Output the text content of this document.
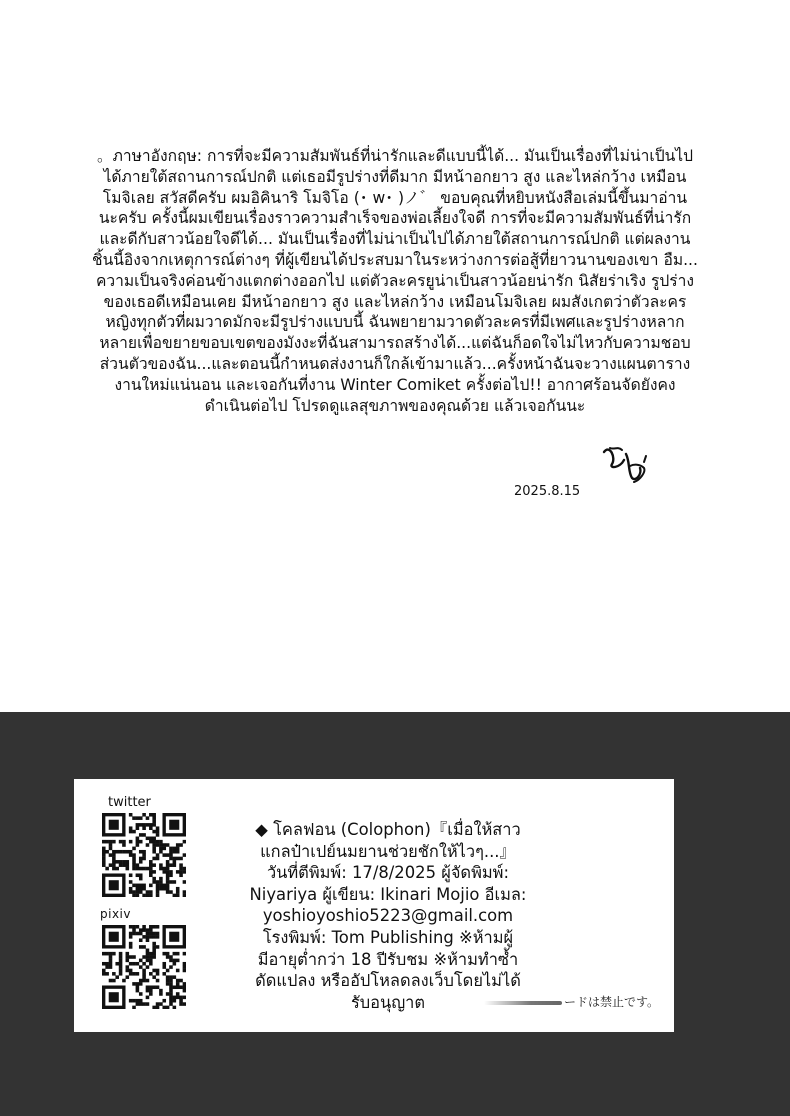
。ภาษาอังกฤษ: การที่จะมีความสัมพันธ์ที่น่ารักและดีแบบนี้ได้... มันเป็นเรื่องที่ไม่น่าเป็นไป
ได้ภายใต้สถานการณ์ปกติ แต่เธอมีรูปร่างที่ดีมาก มีหน้าอกยาว สูง และไหล่กว้าง เหมือน
โมจิเลย สวัสดีครับ ผมอิคินาริ โมจิโอ (･ w･ )ノ゛ ขอบคุณที่หยิบหนังสือเล่มนี้ขึ้นมาอ่าน
นะครับ ครั้งนี้ผมเขียนเรื่องราวความสำเร็จของพ่อเลี้ยงใจดี การที่จะมีความสัมพันธ์ที่น่ารัก
และดีกับสาวน้อยใจดีได้... มันเป็นเรื่องที่ไม่น่าเป็นไปได้ภายใต้สถานการณ์ปกติ แต่ผลงาน
ชิ้นนี้อิงจากเหตุการณ์ต่างๆ ที่ผู้เขียนได้ประสบมาในระหว่างการต่อสู้ที่ยาวนานของเขา อืม...
ความเป็นจริงค่อนข้างแตกต่างออกไป แต่ตัวละครยูน่าเป็นสาวน้อยน่ารัก นิสัยร่าเริง รูปร่าง
ของเธอดีเหมือนเคย มีหน้าอกยาว สูง และไหล่กว้าง เหมือนโมจิเลย ผมสังเกตว่าตัวละคร
หญิงทุกตัวที่ผมวาดมักจะมีรูปร่างแบบนี้ ฉันพยายามวาดตัวละครที่มีเพศและรูปร่างหลาก
หลายเพื่อขยายขอบเขตของมังงะที่ฉันสามารถสร้างได้...แต่ฉันก็อดใจไม่ไหวกับความชอบ
ส่วนตัวของฉัน...และตอนนี้กำหนดส่งงานก็ใกล้เข้ามาแล้ว...ครั้งหน้าฉันจะวางแผนตาราง
งานใหม่แน่นอน และเจอกันที่งาน Winter Comiket ครั้งต่อไป!! อากาศร้อนจัดยังคง
ดำเนินต่อไป โปรดดูแลสุขภาพของคุณด้วย แล้วเจอกันนะ
2025.8.15
twitter
pixiv
◆ โคลฟอน (Colophon)『เมื่อให้สาว
แกลป๋าเปย์นมยานช่วยชักให้ไวๆ...』
วันที่ตีพิมพ์: 17/8/2025 ผู้จัดพิมพ์:
Niyariya ผู้เขียน: Ikinari Mojio อีเมล:
yoshioyoshio5223@gmail.com
โรงพิมพ์: Tom Publishing ※ห้ามผู้
มีอายุต่ำกว่า 18 ปีรับชม ※ห้ามทำซ้ำ
ดัดแปลง หรืออัปโหลดลงเว็บโดยไม่ได้
รับอนุญาต	ードは禁止です。
